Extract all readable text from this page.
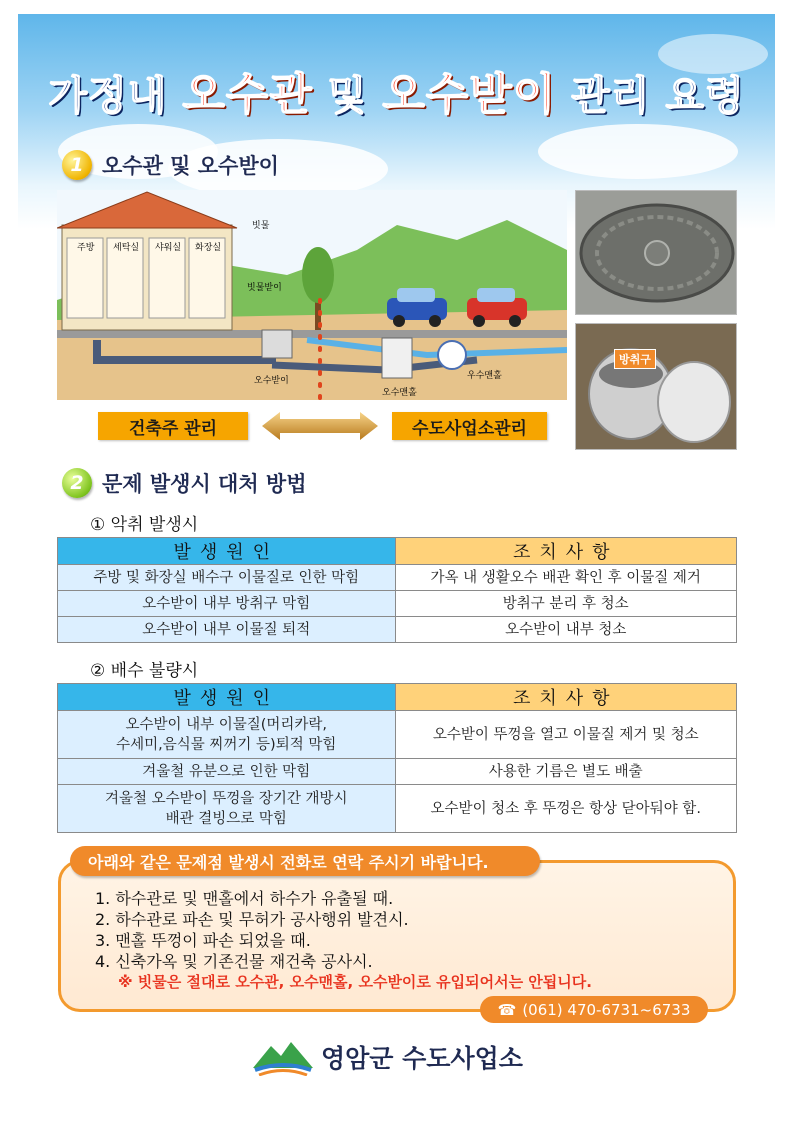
가정내 오수관 및 오수받이 관리 요령
1 오수관 및 오수받이
주방 세탁실 샤워실 화장실
빗물
빗물받이
오수받이
오수맨홀
우수맨홀
건축주 관리	수도사업소관리
방취구
2 문제 발생시 대처 방법
① 악취 발생시
발생원인	조치사항
주방 및 화장실 배수구 이물질로 인한 막힘	가옥 내 생활오수 배관 확인 후 이물질 제거
오수받이 내부 방취구 막힘	방취구 분리 후 청소
오수받이 내부 이물질 퇴적	오수받이 내부 청소
② 배수 불량시
발생원인	조치사항

오수받이 내부 이물질(머리카락,
수세미,음식물 찌꺼기 등)퇴적 막힘	오수받이 뚜껑을 열고 이물질 제거 및 청소
겨울철 유분으로 인한 막힘	사용한 기름은 별도 배출

겨울철 오수받이 뚜껑을 장기간 개방시
배관 결빙으로 막힘	오수받이 청소 후 뚜껑은 항상 닫아둬야 함.
아래와 같은 문제점 발생시 전화로 연락 주시기 바랍니다.
1. 하수관로 및 맨홀에서 하수가 유출될 때.
2. 하수관로 파손 및 무허가 공사행위 발견시.
3. 맨홀 뚜껑이 파손 되었을 때.
4. 신축가옥 및 기존건물 재건축 공사시.
※ 빗물은 절대로 오수관, 오수맨홀, 오수받이로 유입되어서는 안됩니다.
☎ (061) 470-6731~6733
영암군 수도사업소
